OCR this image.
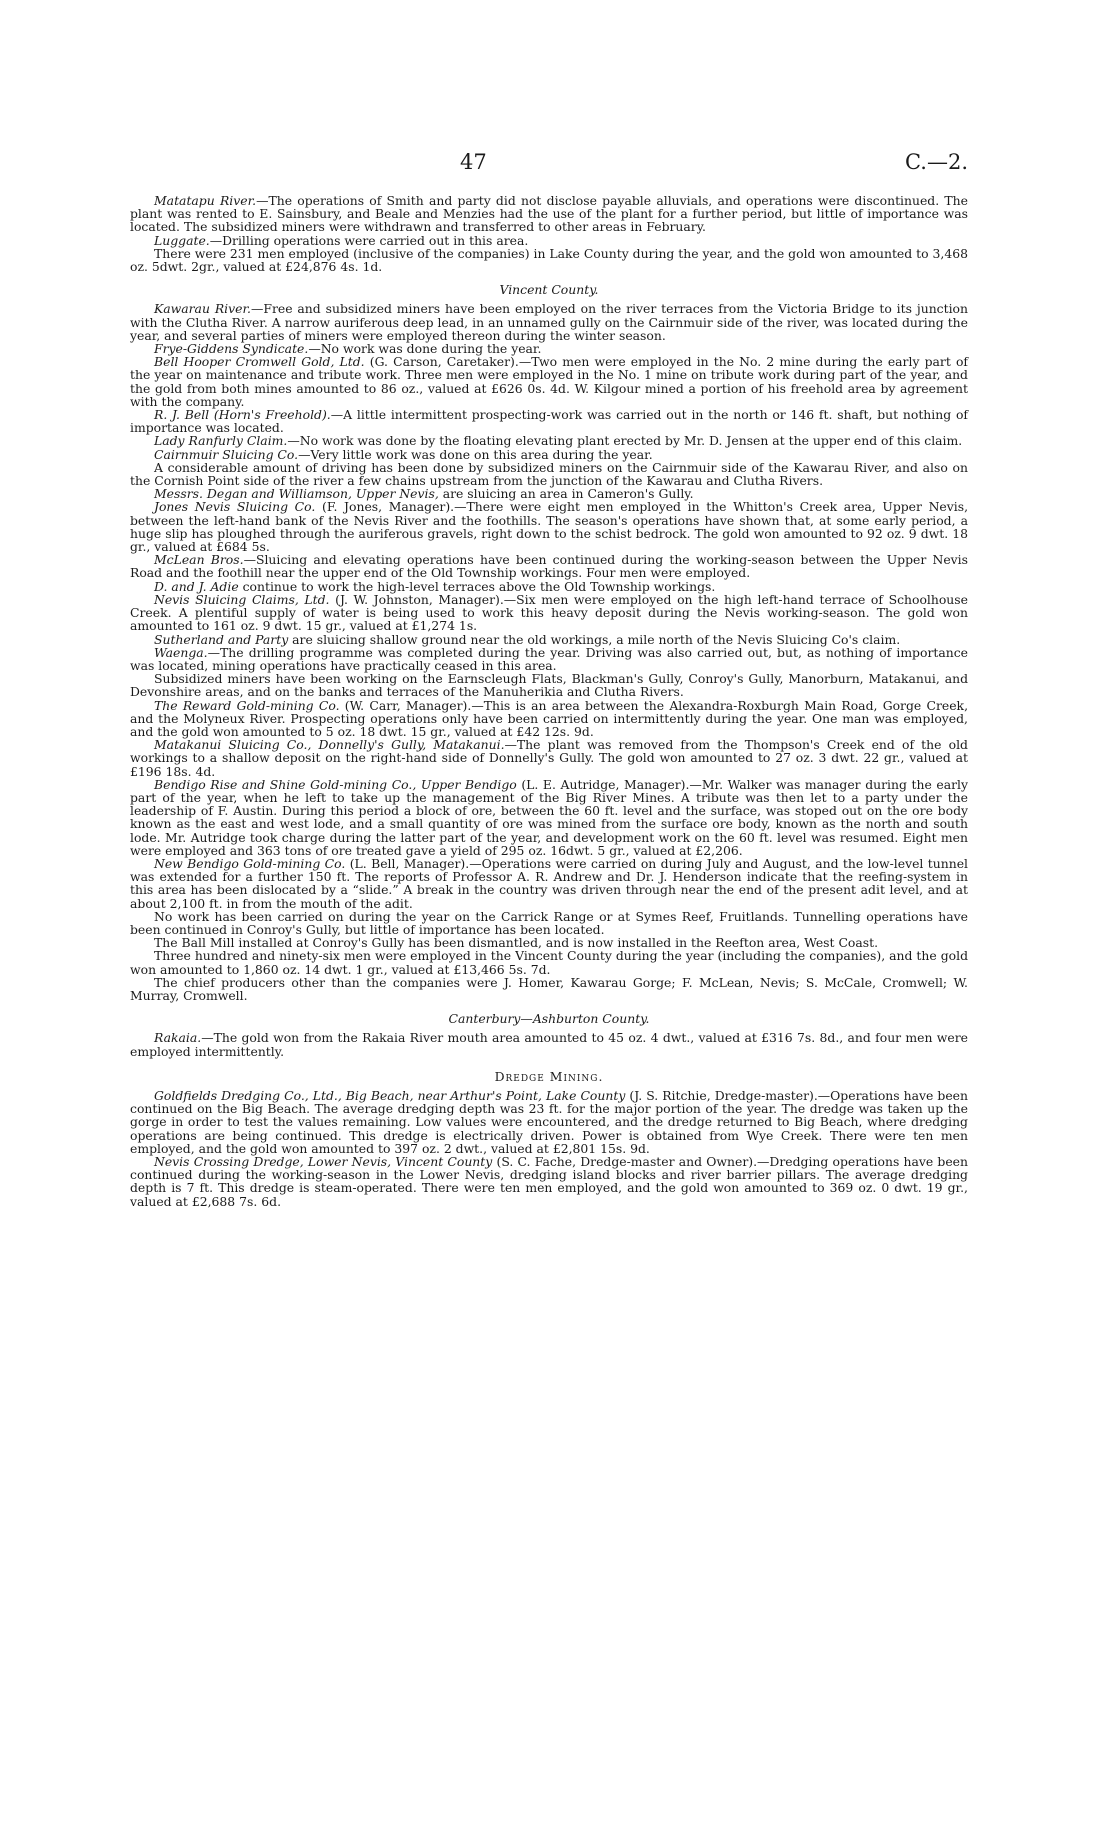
47	C.—2.

Matatapu River.—The operations of Smith and party did not disclose payable alluvials, and operations were discontinued. The plant was rented to E. Sainsbury, and Beale and Menzies had the use of the plant for a further period, but little of importance was located. The subsidized miners were withdrawn and transferred to other areas in February.

Luggate.—Drilling operations were carried out in this area.

There were 231 men employed (inclusive of the companies) in Lake County during the year, and the gold won amounted to 3,468 oz. 5dwt. 2gr., valued at £24,876 4s. 1d.

Vincent County.

Kawarau River.—Free and subsidized miners have been employed on the river terraces from the Victoria Bridge to its junction with the Clutha River. A narrow auriferous deep lead, in an unnamed gully on the Cairnmuir side of the river, was located during the year, and several parties of miners were employed thereon during the winter season.

Frye-Giddens Syndicate.—No work was done during the year.

Bell Hooper Cromwell Gold, Ltd. (G. Carson, Caretaker).—Two men were employed in the No. 2 mine during the early part of the year on maintenance and tribute work. Three men were employed in the No. 1 mine on tribute work during part of the year, and the gold from both mines amounted to 86 oz., valued at £626 0s. 4d. W. Kilgour mined a portion of his freehold area by agreement with the company.

R. J. Bell (Horn's Freehold).—A little intermittent prospecting-work was carried out in the north or 146 ft. shaft, but nothing of importance was located.

Lady Ranfurly Claim.—No work was done by the floating elevating plant erected by Mr. D. Jensen at the upper end of this claim.

Cairnmuir Sluicing Co.—Very little work was done on this area during the year.

A considerable amount of driving has been done by subsidized miners on the Cairnmuir side of the Kawarau River, and also on the Cornish Point side of the river a few chains upstream from the junction of the Kawarau and Clutha Rivers.

Messrs. Degan and Williamson, Upper Nevis, are sluicing an area in Cameron's Gully.

Jones Nevis Sluicing Co. (F. Jones, Manager).—There were eight men employed in the Whitton's Creek area, Upper Nevis, between the left-hand bank of the Nevis River and the foothills. The season's operations have shown that, at some early period, a huge slip has ploughed through the auriferous gravels, right down to the schist bedrock. The gold won amounted to 92 oz. 9 dwt. 18 gr., valued at £684 5s.

McLean Bros.—Sluicing and elevating operations have been continued during the working-season between the Upper Nevis Road and the foothill near the upper end of the Old Township workings. Four men were employed.

D. and J. Adie continue to work the high-level terraces above the Old Township workings.

Nevis Sluicing Claims, Ltd. (J. W. Johnston, Manager).—Six men were employed on the high left-hand terrace of Schoolhouse Creek. A plentiful supply of water is being used to work this heavy deposit during the Nevis working-season. The gold won amounted to 161 oz. 9 dwt. 15 gr., valued at £1,274 1s.

Sutherland and Party are sluicing shallow ground near the old workings, a mile north of the Nevis Sluicing Co's claim.

Waenga.—The drilling programme was completed during the year. Driving was also carried out, but, as nothing of importance was located, mining operations have practically ceased in this area.

Subsidized miners have been working on the Earnscleugh Flats, Blackman's Gully, Conroy's Gully, Manorburn, Matakanui, and Devonshire areas, and on the banks and terraces of the Manuherikia and Clutha Rivers.

The Reward Gold-mining Co. (W. Carr, Manager).—This is an area between the Alexandra-Roxburgh Main Road, Gorge Creek, and the Molyneux River. Prospecting operations only have been carried on intermittently during the year. One man was employed, and the gold won amounted to 5 oz. 18 dwt. 15 gr., valued at £42 12s. 9d.

Matakanui Sluicing Co., Donnelly's Gully, Matakanui.—The plant was removed from the Thompson's Creek end of the old workings to a shallow deposit on the right-hand side of Donnelly's Gully. The gold won amounted to 27 oz. 3 dwt. 22 gr., valued at £196 18s. 4d.

Bendigo Rise and Shine Gold-mining Co., Upper Bendigo (L. E. Autridge, Manager).—Mr. Walker was manager during the early part of the year, when he left to take up the management of the Big River Mines. A tribute was then let to a party under the leadership of F. Austin. During this period a block of ore, between the 60 ft. level and the surface, was stoped out on the ore body known as the east and west lode, and a small quantity of ore was mined from the surface ore body, known as the north and south lode. Mr. Autridge took charge during the latter part of the year, and development work on the 60 ft. level was resumed. Eight men were employed and 363 tons of ore treated gave a yield of 295 oz. 16dwt. 5 gr., valued at £2,206.

New Bendigo Gold-mining Co. (L. Bell, Manager).—Operations were carried on during July and August, and the low-level tunnel was extended for a further 150 ft. The reports of Professor A. R. Andrew and Dr. J. Henderson indicate that the reefing-system in this area has been dislocated by a “slide.” A break in the country was driven through near the end of the present adit level, and at about 2,100 ft. in from the mouth of the adit.

No work has been carried on during the year on the Carrick Range or at Symes Reef, Fruitlands. Tunnelling operations have been continued in Conroy's Gully, but little of importance has been located.

The Ball Mill installed at Conroy's Gully has been dismantled, and is now installed in the Reefton area, West Coast.

Three hundred and ninety-six men were employed in the Vincent County during the year (including the companies), and the gold won amounted to 1,860 oz. 14 dwt. 1 gr., valued at £13,466 5s. 7d.

The chief producers other than the companies were J. Homer, Kawarau Gorge; F. McLean, Nevis; S. McCale, Cromwell; W. Murray, Cromwell.

Canterbury—Ashburton County.

Rakaia.—The gold won from the Rakaia River mouth area amounted to 45 oz. 4 dwt., valued at £316 7s. 8d., and four men were employed intermittently.

Dredge Mining.

Goldfields Dredging Co., Ltd., Big Beach, near Arthur's Point, Lake County (J. S. Ritchie, Dredge-master).—Operations have been continued on the Big Beach. The average dredging depth was 23 ft. for the major portion of the year. The dredge was taken up the gorge in order to test the values remaining. Low values were encountered, and the dredge returned to Big Beach, where dredging operations are being continued. This dredge is electrically driven. Power is obtained from Wye Creek. There were ten men employed, and the gold won amounted to 397 oz. 2 dwt., valued at £2,801 15s. 9d.

Nevis Crossing Dredge, Lower Nevis, Vincent County (S. C. Fache, Dredge-master and Owner).—Dredging operations have been continued during the working-season in the Lower Nevis, dredging island blocks and river barrier pillars. The average dredging depth is 7 ft. This dredge is steam-operated. There were ten men employed, and the gold won amounted to 369 oz. 0 dwt. 19 gr., valued at £2,688 7s. 6d.
